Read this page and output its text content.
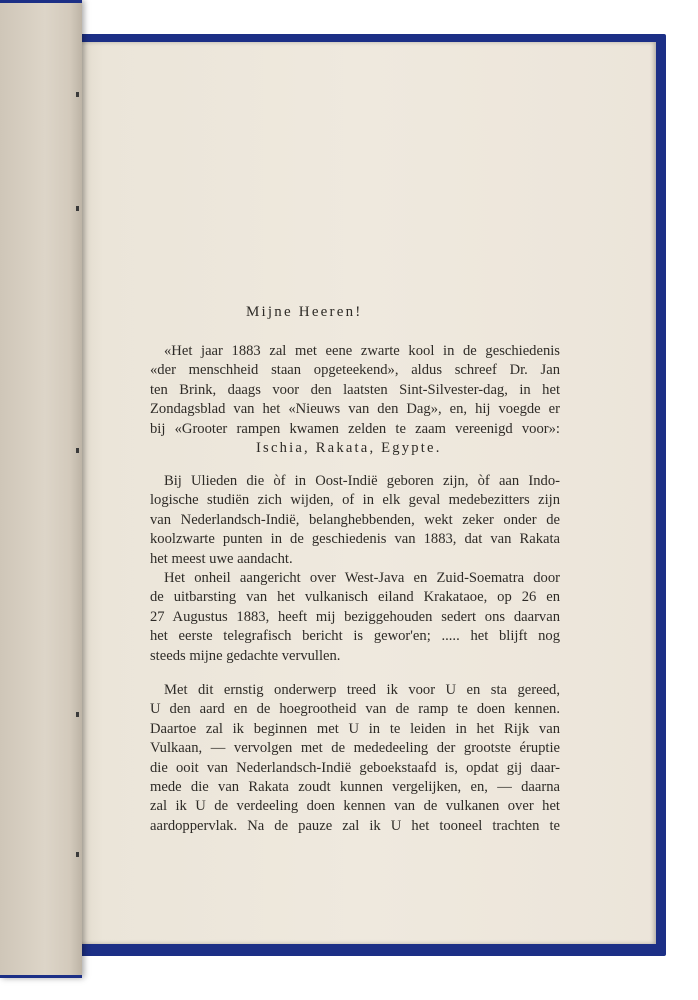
Mijne Heeren!
«Het jaar 1883 zal met eene zwarte kool in de geschiedenis
«der menschheid staan opgeteekend», aldus schreef Dr. Jan
ten Brink, daags voor den laatsten Sint-Silvester-dag, in het
Zondagsblad van het «Nieuws van den Dag», en, hij voegde er
bij «Grooter rampen kwamen zelden te zaam vereenigd voor»:
Ischia, Rakata, Egypte.
Bij Ulieden die òf in Oost-Indië geboren zijn, òf aan Indo-
logische studiën zich wijden, of in elk geval medebezitters zijn
van Nederlandsch-Indië, belanghebbenden, wekt zeker onder de
koolzwarte punten in de geschiedenis van 1883, dat van Rakata
het meest uwe aandacht.
Het onheil aangericht over West-Java en Zuid-Soematra door
de uitbarsting van het vulkanisch eiland Krakataoe, op 26 en
27 Augustus 1883, heeft mij beziggehouden sedert ons daarvan
het eerste telegrafisch bericht is gewor'en; ..... het blijft nog
steeds mijne gedachte vervullen.
Met dit ernstig onderwerp treed ik voor U en sta gereed,
U den aard en de hoegrootheid van de ramp te doen kennen.
Daartoe zal ik beginnen met U in te leiden in het Rijk van
Vulkaan, — vervolgen met de mededeeling der grootste éruptie
die ooit van Nederlandsch-Indië geboekstaafd is, opdat gij daar-
mede die van Rakata zoudt kunnen vergelijken, en, — daarna
zal ik U de verdeeling doen kennen van de vulkanen over het
aardoppervlak. Na de pauze zal ik U het tooneel trachten te
